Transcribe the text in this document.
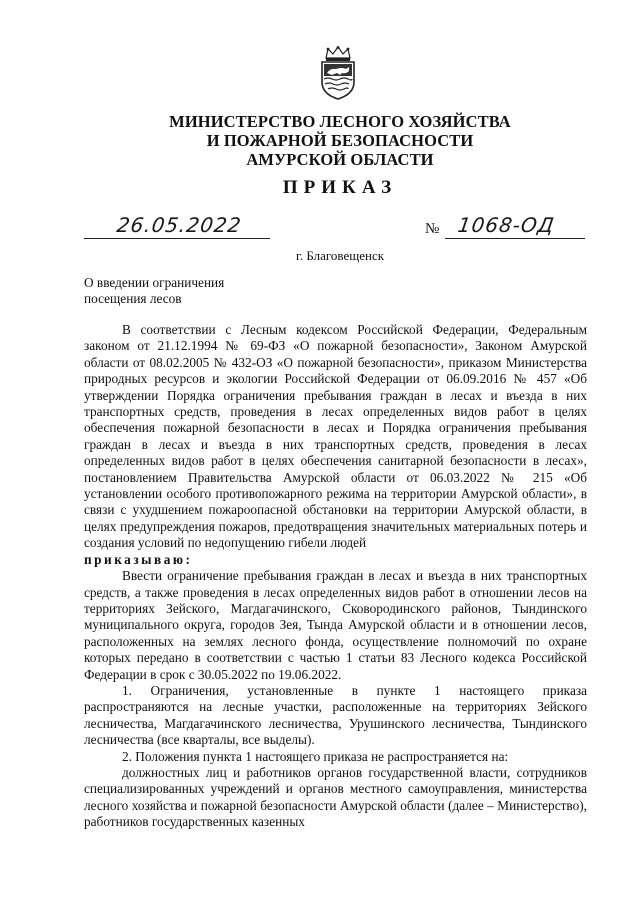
МИНИСТЕРСТВО ЛЕСНОГО ХОЗЯЙСТВА
И ПОЖАРНОЙ БЕЗОПАСНОСТИ
АМУРСКОЙ ОБЛАСТИ
ПРИКАЗ
26.05.2022	№ 1068-ОД
г. Благовещенск
О введении ограничения
посещения лесов

В соответствии с Лесным кодексом Российской Федерации, Федеральным законом от 21.12.1994 № 69-ФЗ «О пожарной безопасности», Законом Амурской области от 08.02.2005 № 432-ОЗ «О пожарной безопасности», приказом Министерства природных ресурсов и экологии Российской Федерации от 06.09.2016 № 457 «Об утверждении Порядка ограничения пребывания граждан в лесах и въезда в них транспортных средств, проведения в лесах определенных видов работ в целях обеспечения пожарной безопасности в лесах и Порядка ограничения пребывания граждан в лесах и въезда в них транспортных средств, проведения в лесах определенных видов работ в целях обеспечения санитарной безопасности в лесах», постановлением Правительства Амурской области от 06.03.2022 № 215 «Об установлении особого противопожарного режима на территории Амурской области», в связи с ухудшением пожароопасной обстановки на территории Амурской области, в целях предупреждения пожаров, предотвращения значительных материальных потерь и создания условий по недопущению гибели людей

приказываю:

Ввести ограничение пребывания граждан в лесах и въезда в них транспортных средств, а также проведения в лесах определенных видов работ в отношении лесов на территориях Зейского, Магдагачинского, Сковородинского районов, Тындинского муниципального округа, городов Зея, Тында Амурской области и в отношении лесов, расположенных на землях лесного фонда, осуществление полномочий по охране которых передано в соответствии с частью 1 статьи 83 Лесного кодекса Российской Федерации в срок с 30.05.2022 по 19.06.2022.

1. Ограничения, установленные в пункте 1 настоящего приказа распространяются на лесные участки, расположенные на территориях Зейского лесничества, Магдагачинского лесничества, Урушинского лесничества, Тындинского лесничества (все кварталы, все выделы).

2. Положения пункта 1 настоящего приказа не распространяется на:

должностных лиц и работников органов государственной власти, сотрудников специализированных учреждений и органов местного самоуправления, министерства лесного хозяйства и пожарной безопасности Амурской области (далее – Министерство), работников государственных казенных
